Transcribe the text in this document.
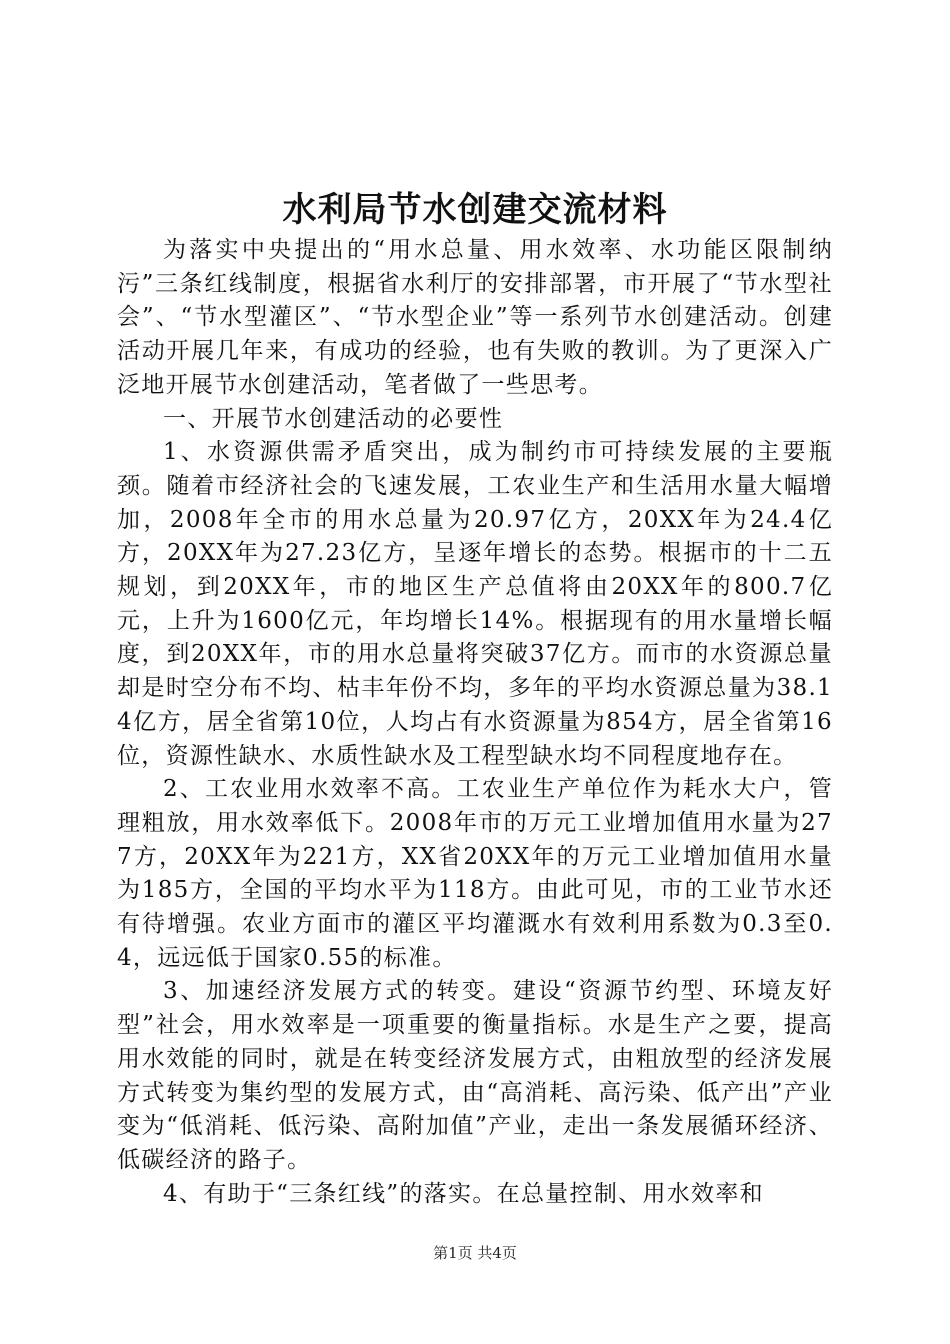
水利局节水创建交流材料

为落实中央提出的“用水总量、用水效率、水功能区限制纳污”三条红线制度，根据省水利厅的安排部署，市开展了“节水型社会”、“节水型灌区”、“节水型企业”等一系列节水创建活动。创建活动开展几年来，有成功的经验，也有失败的教训。为了更深入广泛地开展节水创建活动，笔者做了一些思考。

一、开展节水创建活动的必要性

1、水资源供需矛盾突出，成为制约市可持续发展的主要瓶颈。随着市经济社会的飞速发展，工农业生产和生活用水量大幅增加，2008年全市的用水总量为20.97亿方，20XX年为24.4亿方，20XX年为27.23亿方，呈逐年增长的态势。根据市的十二五规划，到20XX年，市的地区生产总值将由20XX年的800.7亿元，上升为1600亿元，年均增长14%。根据现有的用水量增长幅度，到20XX年，市的用水总量将突破37亿方。而市的水资源总量却是时空分布不均、枯丰年份不均，多年的平均水资源总量为38.14亿方，居全省第10位，人均占有水资源量为854方，居全省第16位，资源性缺水、水质性缺水及工程型缺水均不同程度地存在。

2、工农业用水效率不高。工农业生产单位作为耗水大户，管理粗放，用水效率低下。2008年市的万元工业增加值用水量为277方，20XX年为221方，XX省20XX年的万元工业增加值用水量为185方，全国的平均水平为118方。由此可见，市的工业节水还有待增强。农业方面市的灌区平均灌溉水有效利用系数为0.3至0.4，远远低于国家0.55的标准。

3、加速经济发展方式的转变。建设“资源节约型、环境友好型”社会，用水效率是一项重要的衡量指标。水是生产之要，提高用水效能的同时，就是在转变经济发展方式，由粗放型的经济发展方式转变为集约型的发展方式，由“高消耗、高污染、低产出”产业变为“低消耗、低污染、高附加值”产业，走出一条发展循环经济、低碳经济的路子。

4、有助于“三条红线”的落实。在总量控制、用水效率和

第1页 共4页
